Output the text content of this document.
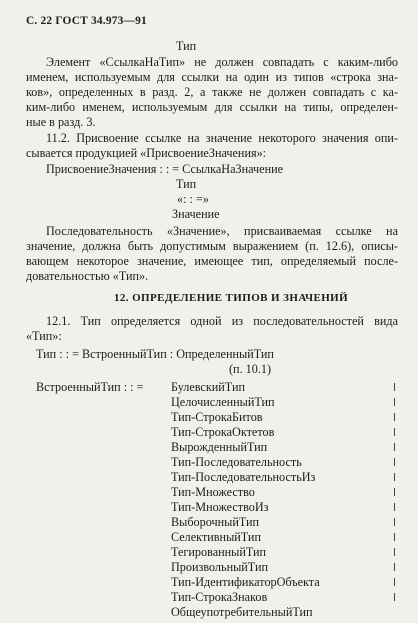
С. 22 ГОСТ 34.973—91
Тип
Элемент «СсылкаНаТип» не должен совпадать с каким-либо
именем, используемым для ссылки на один из типов «строка зна-
ков», определенных в разд. 2, а также не должен совпадать с ка-
ким-либо именем, используемым для ссылки на типы, определен-
ные в разд. 3.
11.2. Присвоение ссылке на значение некоторого значения опи-
сывается продукцией «ПрисвоениеЗначения»:
ПрисвоениеЗначения : : = СсылкаНаЗначение
Тип
«: : =»
Значение
Последовательность «Значение», присваиваемая ссылке на
значение, должна быть допустимым выражением (п. 12.6), описы-
вающем некоторое значение, имеющее тип, определяемый после-
довательностью «Тип».
12. ОПРЕДЕЛЕНИЕ ТИПОВ И ЗНАЧЕНИЙ
12.1. Тип определяется одной из последовательностей вида
«Тип»:
Тип : : = ВстроенныйТип : ОпределенныйТип
(п. 10.1)
ВстроенныйТип : : = БулевскийТип
ЦелочисленныйТип
Тип-СтрокаБитов
Тип-СтрокаОктетов
ВырожденныйТип
Тип-Последовательность
Тип-ПоследовательностьИз
Тип-Множество
Тип-МножествоИз
ВыборочныйТип
СелективныйТип
ТегированныйТип
ПроизвольныйТип
Тип-ИдентификаторОбъекта
Тип-СтрокаЗнаков
ОбщеупотребительныйТип
